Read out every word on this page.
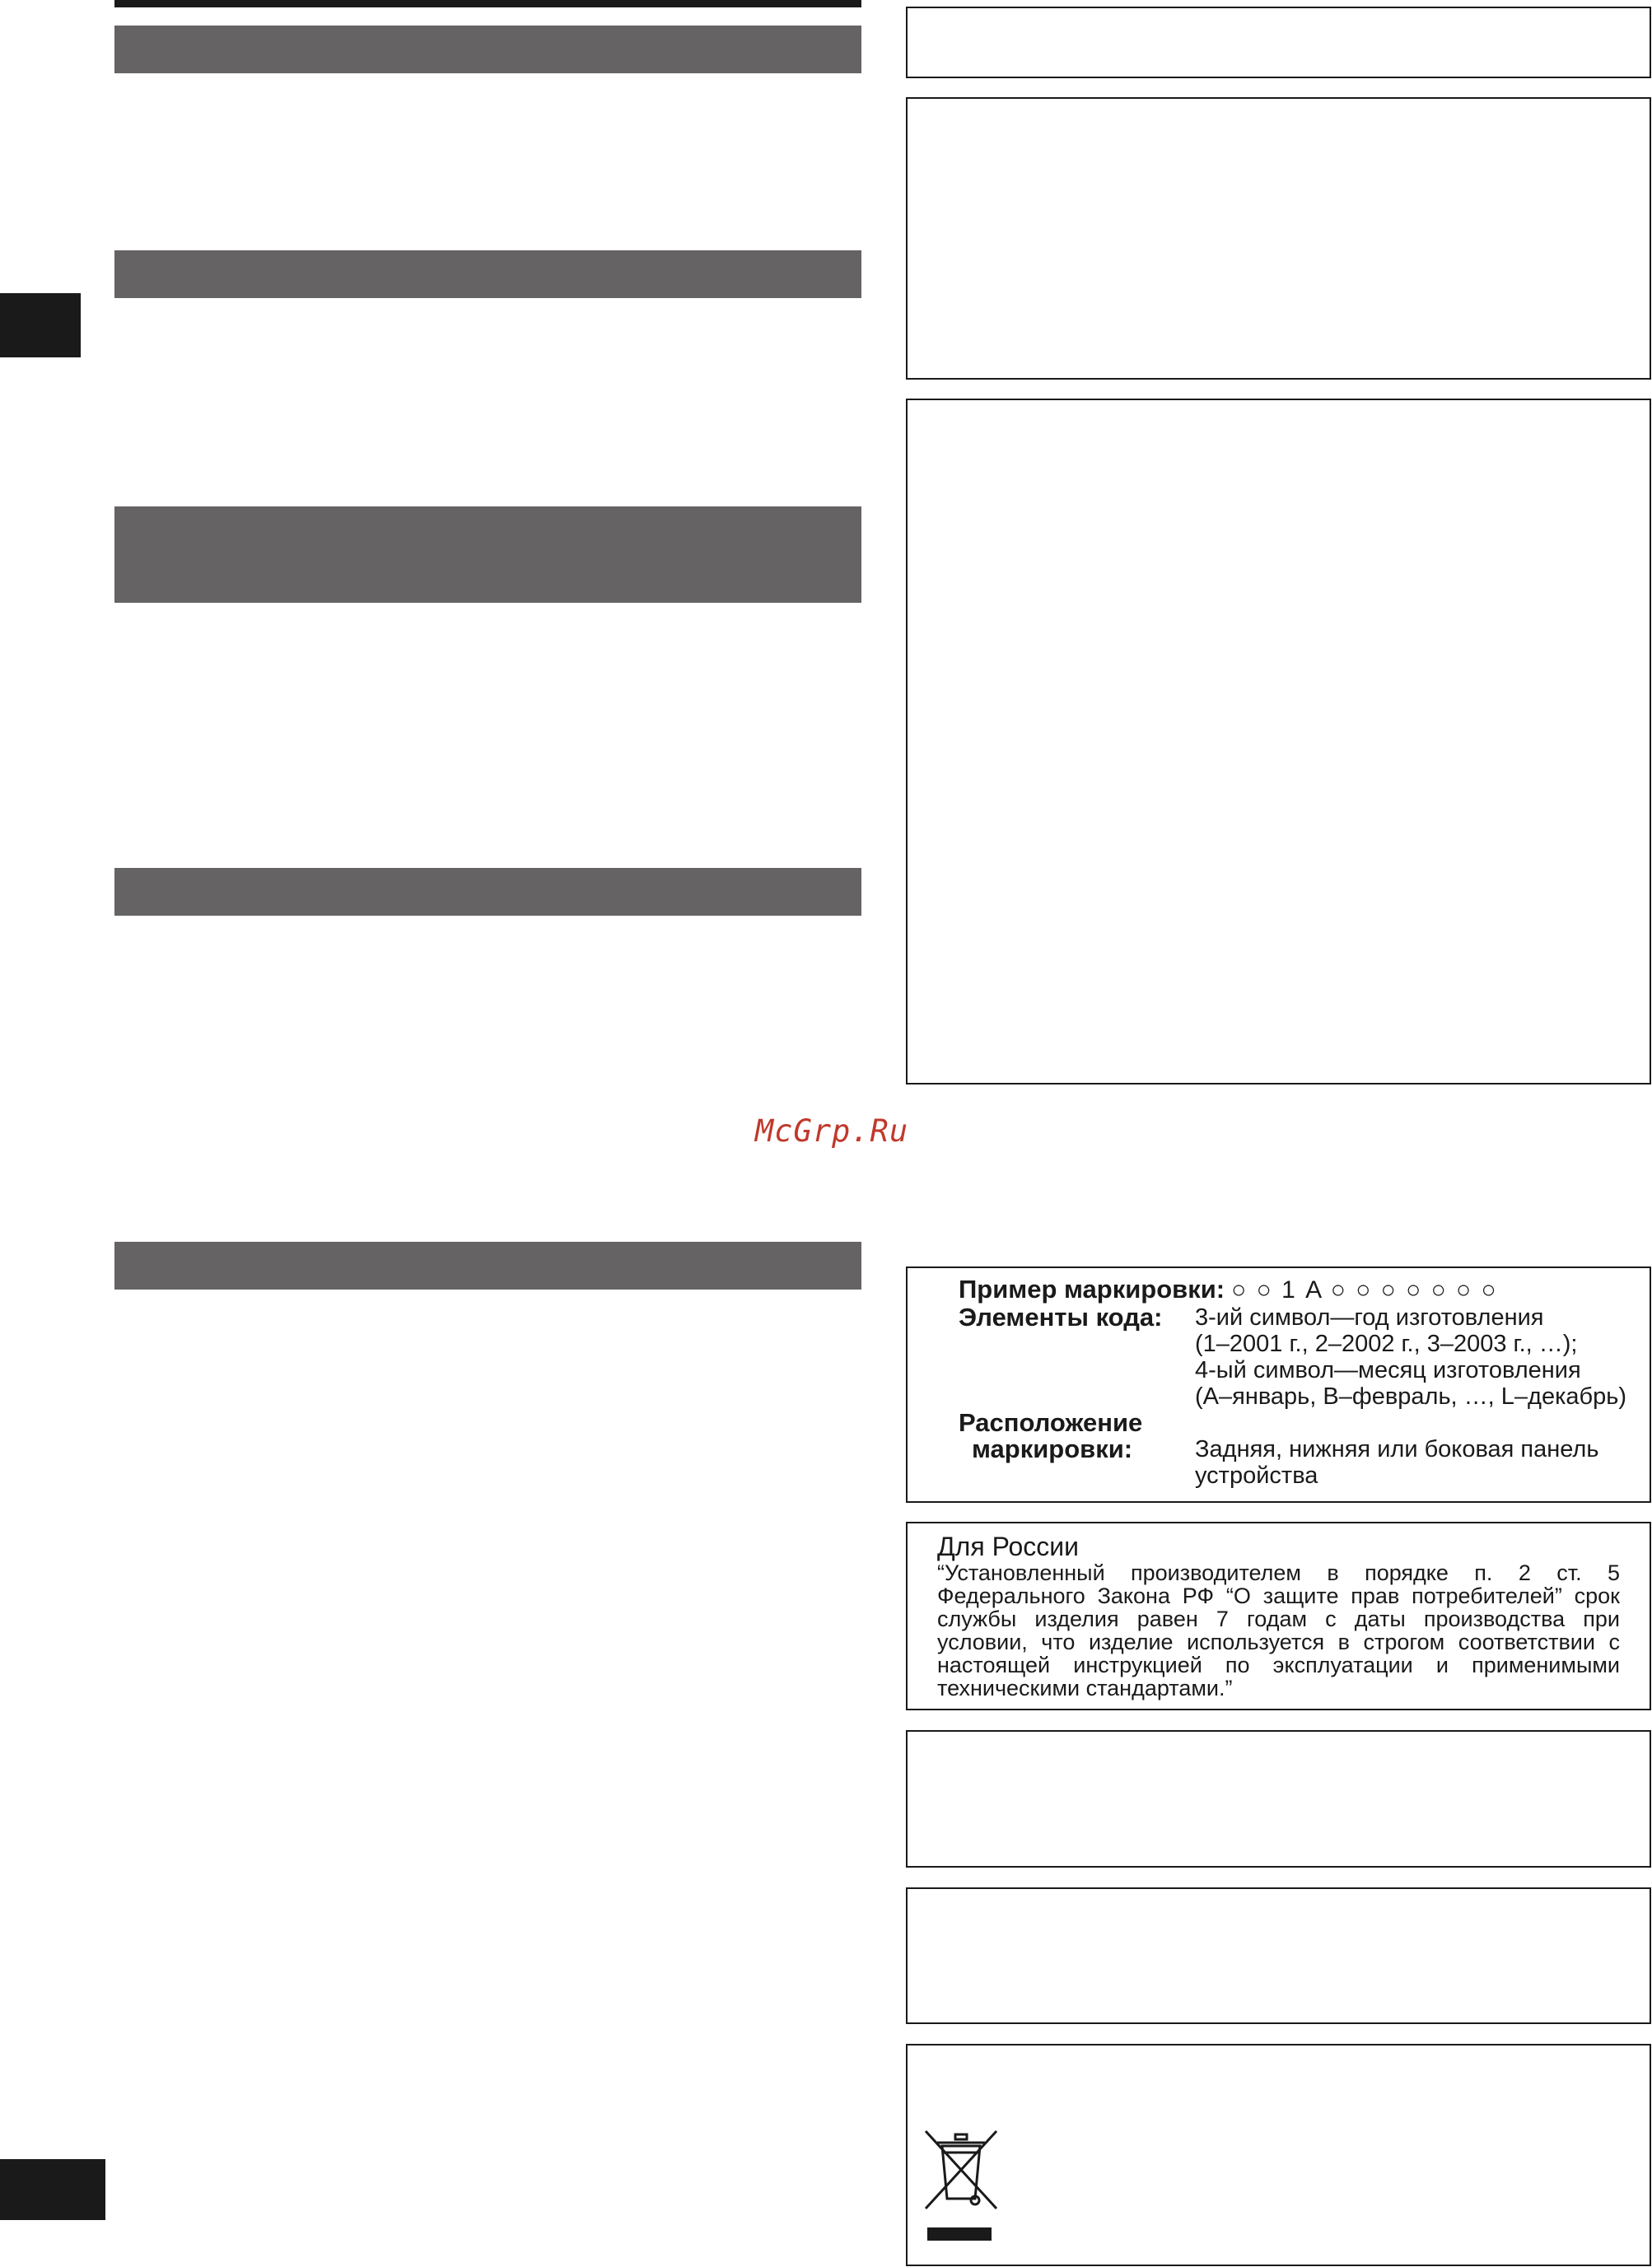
McGrp.Ru
Пример маркировки: ○ ○ 1 A ○ ○ ○ ○ ○ ○ ○
Элементы кода: 3-ий символ—год изготовления
(1–2001 г., 2–2002 г., 3–2003 г., …);
4-ый символ—месяц изготовления
(A–январь, B–февраль, …, L–декабрь)
Расположение
маркировки:	Задняя, нижняя или боковая панель
устройства
Для России
“Установленный производителем в порядке п. 2 ст. 5 Федерального Закона РФ “О защите прав потребителей” срок службы изделия равен 7 годам с даты производства при условии, что изделие используется в строгом соответствии с настоящей инструкцией по эксплуатации и применимыми техническими стандартами.”
